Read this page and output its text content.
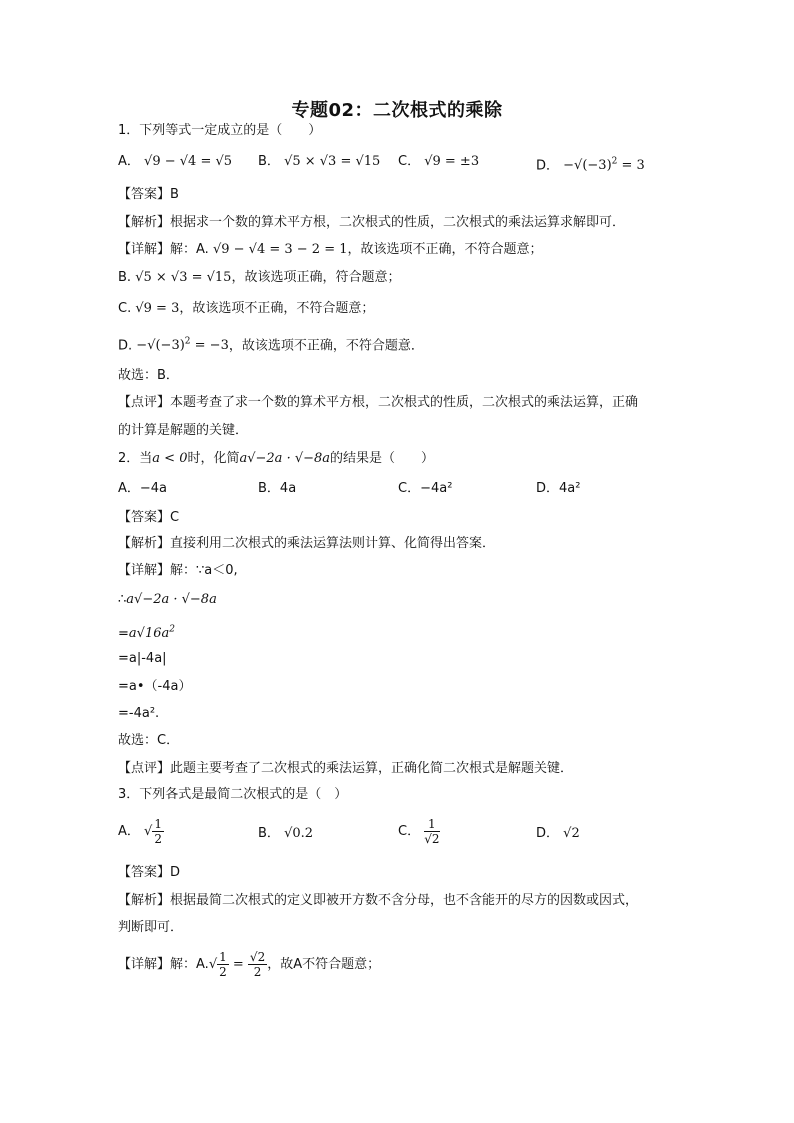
专题02：二次根式的乘除
1．下列等式一定成立的是（　　）
A． √9 − √4 = √5 B． √5 × √3 = √15 C． √9 = ±3	D． $-√(-3)^2 = 3$
【答案】B
【解析】根据求一个数的算术平方根，二次根式的性质，二次根式的乘法运算求解即可．
【详解】解：A. √9 − √4 = 3 − 2 = 1，故该选项不正确，不符合题意；
B. √5 × √3 = √15，故该选项正确，符合题意；
C. √9 = 3，故该选项不正确，不符合题意；
D. $-√(-3)^2 = -3$，故该选项不正确，不符合题意．
故选：B．
【点评】本题考查了求一个数的算术平方根，二次根式的性质，二次根式的乘法运算，正确
的计算是解题的关键．
2．当a < 0时，化简a√−2a · √−8a的结果是（　　）
A．−4a	B．4a	C．−4a²	D．4a²
【答案】C
【解析】直接利用二次根式的乘法运算法则计算、化简得出答案．
【详解】解：∵a＜0,
∴a√−2a · √−8a
$=a√16a^2$
=a|-4a|
=a•（-4a）
=-4a².
故选：C．
【点评】此题主要考查了二次根式的乘法运算，正确化简二次根式是解题关键．
3．下列各式是最简二次根式的是（　）
A． √ $\frac{1}{2}$	B． √0.2	C． $\frac{1}{√2}$	D． √2
【答案】D
【解析】根据最简二次根式的定义即被开方数不含分母，也不含能开的尽方的因数或因式，
判断即可．
【详解】解：$A.√ \frac{1}{2} = \frac{√2}{2}$ ，故A不符合题意；
